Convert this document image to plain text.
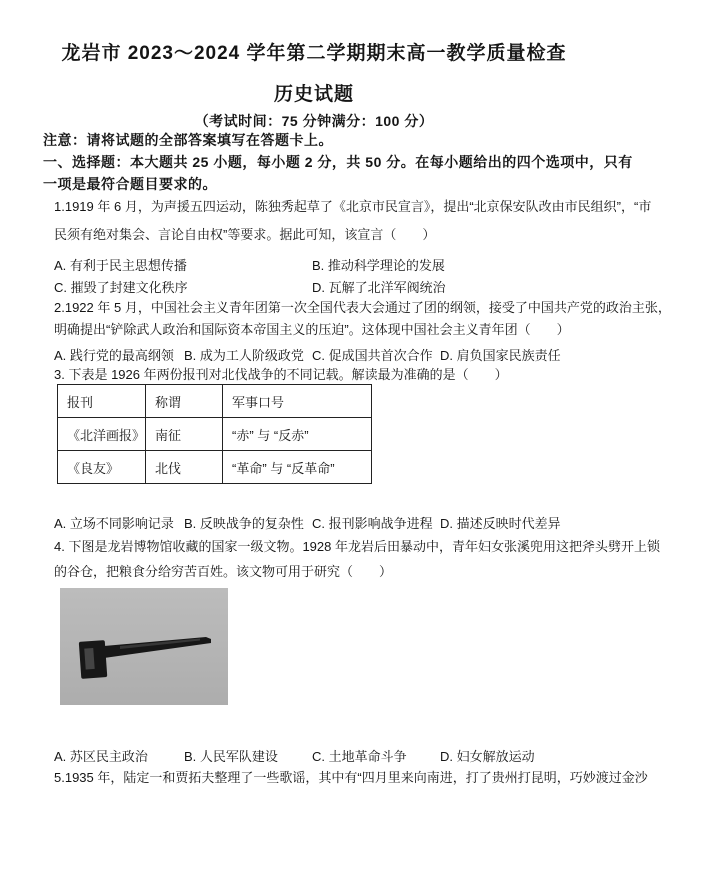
龙岩市 2023～2024 学年第二学期期末高一教学质量检查
历史试题
（考试时间：75 分钟满分：100 分）
注意：请将试题的全部答案填写在答题卡上。
一、选择题：本大题共 25 小题，每小题 2 分，共 50 分。在每小题给出的四个选项中，只有
一项是最符合题目要求的。
1.1919 年 6 月，为声援五四运动，陈独秀起草了《北京市民宣言》，提出“北京保安队改由市民组织”，“市
民须有绝对集会、言论自由权”等要求。据此可知，该宣言（　　）
A. 有利于民主思想传播	B. 推动科学理论的发展
C. 摧毁了封建文化秩序	D. 瓦解了北洋军阀统治
2.1922 年 5 月，中国社会主义青年团第一次全国代表大会通过了团的纲领，接受了中国共产党的政治主张，
明确提出“铲除武人政治和国际资本帝国主义的压迫”。这体现中国社会主义青年团（　　）
A. 践行党的最高纲领 B. 成为工人阶级政党 C. 促成国共首次合作 D. 肩负国家民族责任
3. 下表是 1926 年两份报刊对北伐战争的不同记载。解读最为准确的是（　　）
报刊	称谓	军事口号
《北洋画报》	南征	“赤” 与 “反赤”
《良友》	北伐	“革命” 与 “反革命”
A. 立场不同影响记录 B. 反映战争的复杂性 C. 报刊影响战争进程 D. 描述反映时代差异
4. 下图是龙岩博物馆收藏的国家一级文物。1928 年龙岩后田暴动中，青年妇女张溪兜用这把斧头劈开上锁
的谷仓，把粮食分给穷苦百姓。该文物可用于研究（　　）
A. 苏区民主政治	B. 人民军队建设	C. 土地革命斗争	D. 妇女解放运动
5.1935 年，陆定一和贾拓夫整理了一些歌谣，其中有“四月里来向南进，打了贵州打昆明，巧妙渡过金沙
